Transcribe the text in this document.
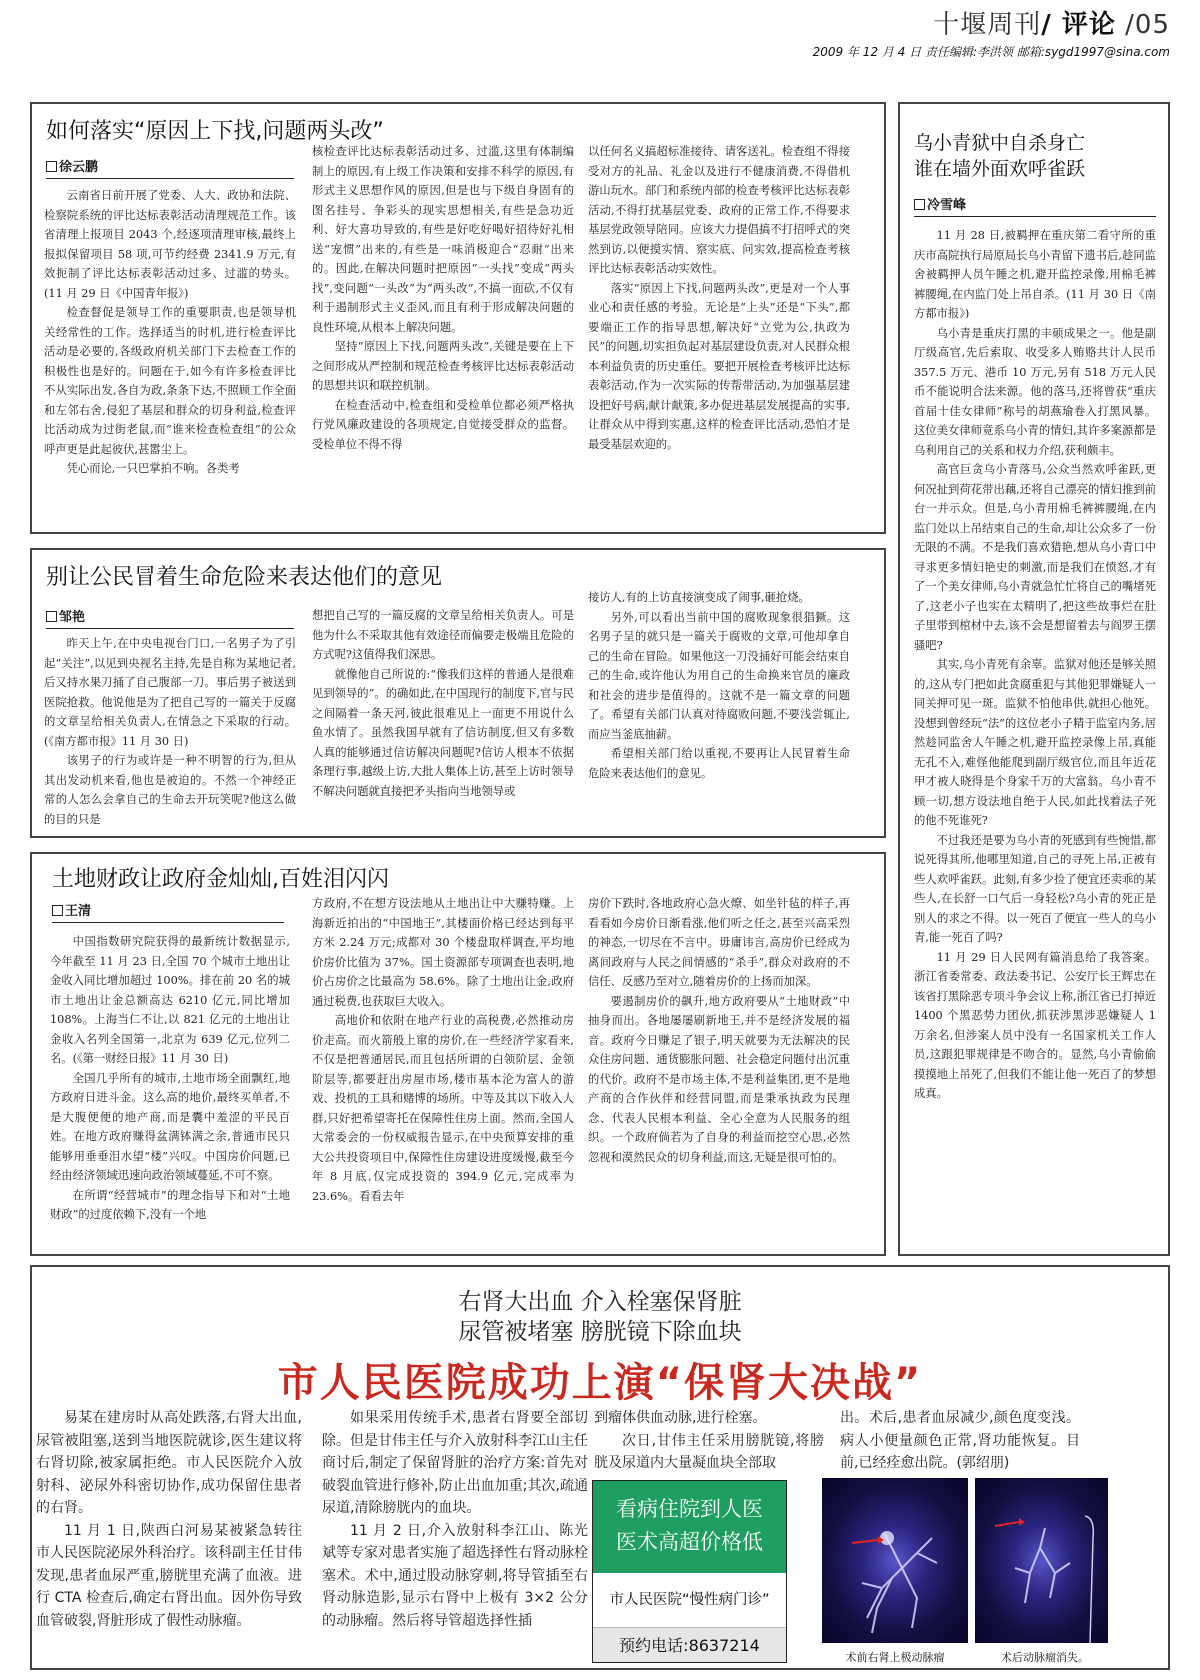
十堰周刊/ 评论 /05
2009 年 12 月 4 日 责任编辑:李洪领 邮箱:sygd1997@sina.com
如何落实“原因上下找,问题两头改”
徐云鹏

云南省日前开展了党委、人大、政协和法院、检察院系统的评比达标表彰活动清理规范工作。该省清理上报项目 2043 个,经逐项清理审核,最终上报拟保留项目 58 项,可节约经费 2341.9 万元,有效扼制了评比达标表彰活动过多、过滥的势头。(11 月 29 日《中国青年报》)

检查督促是领导工作的重要职责,也是领导机关经常性的工作。选择适当的时机,进行检查评比活动是必要的,各级政府机关部门下去检查工作的积极性也是好的。问题在于,如今有许多检查评比不从实际出发,各自为政,条条下达,不照顾工作全面和左邻右舍,侵犯了基层和群众的切身利益,检查评比活动成为过街老鼠,而“谁来检查检查组”的公众呼声更是此起彼伏,甚嚣尘上。

凭心而论,一只巴掌拍不响。各类考

核检查评比达标表彰活动过多、过滥,这里有体制编制上的原因,有上级工作决策和安排不科学的原因,有形式主义思想作风的原因,但是也与下级自身固有的图名挂号、争彩头的现实思想相关,有些是急功近利、好大喜功导致的,有些是好吃好喝好招待好礼相送“宠惯”出来的,有些是一味消极迎合“忍耐”出来的。因此,在解决问题时把原因“一头找”变成“两头找”,变问题“一头改”为“两头改”,不搞一面砍,不仅有利于遏制形式主义歪风,而且有利于形成解决问题的良性环境,从根本上解决问题。

坚持“原因上下找,问题两头改”,关键是要在上下之间形成从严控制和规范检查考核评比达标表彰活动的思想共识和联控机制。

在检查活动中,检查组和受检单位都必须严格执行党风廉政建设的各项规定,自觉接受群众的监督。受检单位不得不得

以任何名义搞超标准接待、请客送礼。检查组不得接受对方的礼品、礼金以及进行不健康消费,不得借机游山玩水。部门和系统内部的检查考核评比达标表彰活动,不得打扰基层党委、政府的正常工作,不得要求基层党政领导陪同。应该大力提倡搞不打招呼式的突然到访,以便摸实情、察实底、问实效,提高检查考核评比达标表彰活动实效性。

落实“原因上下找,问题两头改”,更是对一个人事业心和责任感的考验。无论是“上头”还是“下头”,都要端正工作的指导思想,解决好“立党为公,执政为民”的问题,切实担负起对基层建设负责,对人民群众根本利益负责的历史重任。要把开展检查考核评比达标表彰活动,作为一次实际的传帮带活动,为加强基层建设把好号病,献计献策,多办促进基层发展提高的实事,让群众从中得到实惠,这样的检查评比活动,恐怕才是最受基层欢迎的。

别让公民冒着生命危险来表达他们的意见
邹艳

昨天上午,在中央电视台门口,一名男子为了引起“关注”,以见到央视名主持,先是自称为某地记者,后又持水果刀捅了自己腹部一刀。事后男子被送到医院抢救。他说他是为了把自己写的一篇关于反腐的文章呈给相关负责人,在情急之下采取的行动。(《南方都市报》11 月 30 日)

该男子的行为或许是一种不明智的行为,但从其出发动机来看,他也是被迫的。不然一个神经正常的人怎么会拿自己的生命去开玩笑呢?他这么做的目的只是

想把自己写的一篇反腐的文章呈给相关负责人。可是他为什么不采取其他有效途径而偏要走极端且危险的方式呢?这值得我们深思。

就像他自己所说的:“像我们这样的普通人是很难见到领导的”。的确如此,在中国现行的制度下,官与民之间隔着一条天河,彼此很难见上一面更不用说什么鱼水情了。虽然我国早就有了信访制度,但又有多数人真的能够通过信访解决问题呢?信访人根本不依据条理行事,越级上访,大批人集体上访,甚至上访时领导不解决问题就直接把矛头指向当地领导或

接访人,有的上访直接演变成了闹事,砸抢烧。

另外,可以看出当前中国的腐败现象很猖獗。这名男子呈的就只是一篇关于腐败的文章,可他却拿自己的生命在冒险。如果他这一刀没捅好可能会结束自己的生命,或许他认为用自己的生命换来官员的廉政和社会的进步是值得的。这就不是一篇文章的问题了。希望有关部门认真对待腐败问题,不要浅尝辄止,而应当釜底抽薪。

希望相关部门给以重视,不要再让人民冒着生命危险来表达他们的意见。

土地财政让政府金灿灿,百姓泪闪闪
王清

中国指数研究院获得的最新统计数据显示,今年截至 11 月 23 日,全国 70 个城市土地出让金收入同比增加超过 100%。排在前 20 名的城市土地出让金总额高达 6210 亿元,同比增加 108%。上海当仁不让,以 821 亿元的土地出让金收入名列全国第一,北京为 639 亿元,位列二名。(《第一财经日报》11 月 30 日)

全国几乎所有的城市,土地市场全面飘红,地方政府日进斗金。这么高的地价,最终买单者,不是大腹便便的地产商,而是囊中羞涩的平民百姓。在地方政府赚得盆满钵满之余,普通市民只能够用垂垂泪水望“楼”兴叹。中国房价问题,已经由经济领域迅速向政治领域蔓延,不可不察。

在所谓“经营城市”的理念指导下和对“土地财政”的过度依赖下,没有一个地

方政府,不在想方设法地从土地出让中大赚特赚。上海新近拍出的“中国地王”,其楼面价格已经达到每平方米 2.24 万元;成都对 30 个楼盘取样调查,平均地价房价比值为 37%。国土资源部专项调查也表明,地价占房价之比最高为 58.6%。除了土地出让金,政府通过税费,也获取巨大收入。

高地价和依附在地产行业的高税费,必然推动房价走高。而火箭般上窜的房价,在一些经济学家看来,不仅是把普通居民,而且包括所谓的白领阶层、金领阶层等,都要赶出房屋市场,楼市基本沦为富人的游戏、投机的工具和赌博的场所。中等及其以下收入人群,只好把希望寄托在保障性住房上面。然而,全国人大常委会的一份权威报告显示,在中央预算安排的重大公共投资项目中,保障性住房建设进度缓慢,截至今年 8 月底,仅完成投资的 394.9 亿元,完成率为 23.6%。看看去年

房价下跌时,各地政府心急火燎、如坐针毡的样子,再看看如今房价日渐看涨,他们听之任之,甚至兴高采烈的神态,一切尽在不言中。毋庸讳言,高房价已经成为离间政府与人民之间情感的“杀手”,群众对政府的不信任、反感乃至对立,随着房价的上扬而加深。

要遏制房价的飙升,地方政府要从“土地财政”中抽身而出。各地屡屡刷新地王,并不是经济发展的福音。政府今日赚足了银子,明天就要为无法解决的民众住房问题、通货膨胀问题、社会稳定问题付出沉重的代价。政府不是市场主体,不是利益集团,更不是地产商的合作伙伴和经营同盟,而是秉承执政为民理念、代表人民根本利益、全心全意为人民服务的组织。一个政府倘若为了自身的利益而挖空心思,必然忽视和漠然民众的切身利益,而这,无疑是很可怕的。

乌小青狱中自杀身亡
谁在墙外面欢呼雀跃
冷雪峰

11 月 28 日,被羁押在重庆第二看守所的重庆市高院执行局原局长乌小青留下遗书后,趁同监舍被羁押人员午睡之机,避开监控录像,用棉毛裤裤腰绳,在内监门处上吊自杀。(11 月 30 日《南方都市报》)

乌小青是重庆打黑的丰硕成果之一。他是副厅级高官,先后索取、收受多人贿赂共计人民币 357.5 万元、港币 10 万元,另有 518 万元人民币不能说明合法来源。他的落马,还将曾获“重庆首届十佳女律师”称号的胡燕瑜卷入打黑风暴。这位美女律师竟系乌小青的情妇,其许多案源都是乌利用自己的关系和权力介绍,获利颇丰。

高官巨贪乌小青落马,公众当然欢呼雀跃,更何况扯到荷花带出藕,还将自己漂亮的情妇推到前台一并示众。但是,乌小青用棉毛裤裤腰绳,在内监门处以上吊结束自己的生命,却让公众多了一份无限的不满。不是我们喜欢猎艳,想从乌小青口中寻求更多情妇艳史的刺激,而是我们在愤怒,才有了一个美女律师,乌小青就急忙忙将自己的嘴堵死了,这老小子也实在太精明了,把这些故事烂在肚子里带到棺材中去,该不会是想留着去与阎罗王摆骚吧?

其实,乌小青死有余辜。监狱对他还是够关照的,这从专门把如此贪腐重犯与其他犯罪嫌疑人一同关押可见一斑。监狱不怕他串供,就担心他死。没想到曾经玩“法”的这位老小子精于监室内务,居然趁同监舍人午睡之机,避开监控录像上吊,真能无孔不入,难怪他能爬到副厅级官位,而且年近花甲才被人晓得是个身家千万的大富翁。乌小青不顾一切,想方设法地自绝于人民,如此找着法子死的他不死谁死?

不过我还是要为乌小青的死感到有些惋惜,都说死得其所,他哪里知道,自己的寻死上吊,正被有些人欢呼雀跃。此刻,有多少捡了便宜还卖乖的某些人,在长舒一口气后一身轻松?乌小青的死正是别人的求之不得。以一死百了便宜一些人的乌小青,能一死百了吗?

11 月 29 日人民网有篇消息给了我答案。浙江省委常委、政法委书记、公安厅长王辉忠在该省打黑除恶专项斗争会议上称,浙江省已打掉近 1400 个黑恶势力团伙,抓获涉黑涉恶嫌疑人 1 万余名,但涉案人员中没有一名国家机关工作人员,这跟犯罪规律是不吻合的。显然,乌小青偷偷摸摸地上吊死了,但我们不能让他一死百了的梦想成真。

右肾大出血 介入栓塞保肾脏
尿管被堵塞 膀胱镜下除血块
市人民医院成功上演“保肾大决战”

易某在建房时从高处跌落,右肾大出血,尿管被阻塞,送到当地医院就诊,医生建议将右肾切除,被家属拒绝。市人民医院介入放射科、泌尿外科密切协作,成功保留住患者的右肾。

11 月 1 日,陕西白河易某被紧急转往市人民医院泌尿外科治疗。该科副主任甘伟发现,患者血尿严重,膀胱里充满了血液。进行 CTA 检查后,确定右肾出血。因外伤导致血管破裂,肾脏形成了假性动脉瘤。

如果采用传统手术,患者右肾要全部切除。但是甘伟主任与介入放射科李江山主任商讨后,制定了保留肾脏的治疗方案:首先对破裂血管进行修补,防止出血加重;其次,疏通尿道,清除膀胱内的血块。

11 月 2 日,介入放射科李江山、陈光斌等专家对患者实施了超选择性右肾动脉栓塞术。术中,通过股动脉穿刺,将导管插至右肾动脉造影,显示右肾中上极有 3×2 公分的动脉瘤。然后将导管超选择性插

到瘤体供血动脉,进行栓塞。

次日,甘伟主任采用膀胱镜,将膀胱及尿道内大量凝血块全部取

出。术后,患者血尿减少,颜色度变浅。病人小便量颜色正常,肾功能恢复。目前,已经痊愈出院。(郭绍朋)

看病住院到人医
医术高超价格低
市人民医院“慢性病门诊”
预约电话:8637214
术前右肾上极动脉瘤	术后动脉瘤消失。
